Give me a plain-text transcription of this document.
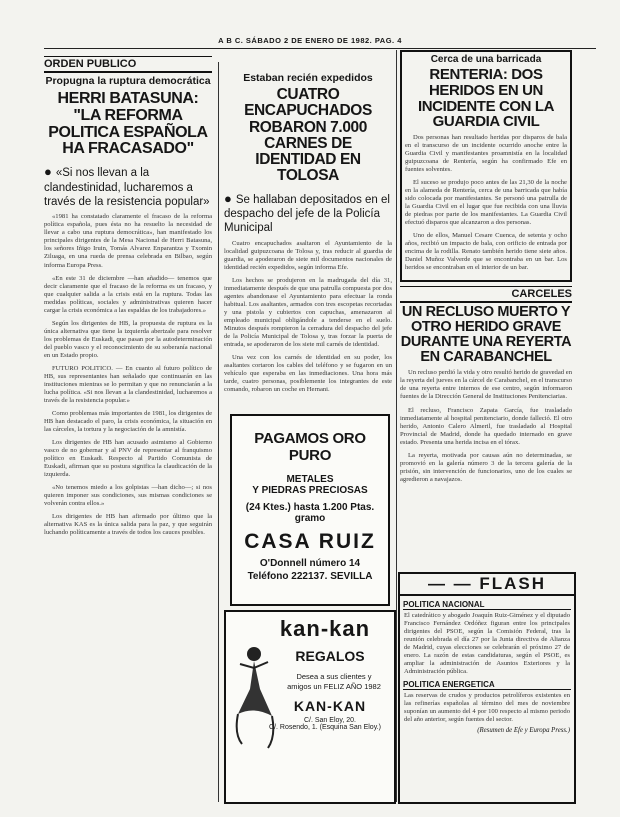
A B C. SÁBADO 2 DE ENERO DE 1982. PAG. 4
ORDEN PUBLICO
Propugna la ruptura democrática
HERRI BATASUNA: "LA REFORMA POLITICA ESPAÑOLA HA FRACASADO"
● «Si nos llevan a la clandestinidad, lucharemos a través de la resistencia popular»

«1981 ha constatado claramente el fracaso de la reforma política española, pues ésta no ha resuelto la necesidad de llevar a cabo una ruptura democrática», han manifestado los principales dirigentes de la Mesa Nacional de Herri Batasuna, los señores Iñigo Iruin, Tomás Alvarez Enparantza y Txomin Ziluaga, en una rueda de prensa celebrada en Bilbao, según informa Europa Press.

«En este 31 de diciembre —han añadido— tenemos que decir claramente que el fracaso de la reforma es un fracaso, y que cualquier salida a la crisis está en la ruptura. Todas las medidas políticas, sociales y administrativas quieren hacer cargar la crisis económica a las espaldas de los trabajadores.»

Según los dirigentes de HB, la propuesta de ruptura es la única alternativa que tiene la izquierda abertzale para resolver los problemas de Euskadi, que pasan por la autodeterminación del pueblo vasco y el reconocimiento de su soberanía nacional en un Estado propio.

FUTURO POLITICO. — En cuanto al futuro político de HB, sus representantes han señalado que continuarán en las instituciones mientras se lo permitan y que no renunciarán a la lucha política. «Si nos llevan a la clandestinidad, lucharemos a través de la resistencia popular.»

Como problemas más importantes de 1981, los dirigentes de HB han destacado el paro, la crisis económica, la situación en las cárceles, la tortura y la negociación de la amnistía.

Los dirigentes de HB han acusado asimismo al Gobierno vasco de no gobernar y al PNV de representar al franquismo político en Euskadi. Respecto al Partido Comunista de Euskadi, afirman que su postura significa la claudicación de la izquierda.

«No tenemos miedo a los golpistas —han dicho—; si nos quieren imponer sus condiciones, sus mismas condiciones se volverán contra ellos.»

Los dirigentes de HB han afirmado por último que la alternativa KAS es la única salida para la paz, y que seguirán luchando políticamente a través de todos los cauces posibles.

Estaban recién expedidos
CUATRO ENCAPUCHADOS ROBARON 7.000 CARNES DE IDENTIDAD EN TOLOSA
● Se hallaban depositados en el despacho del jefe de la Policía Municipal

Cuatro encapuchados asaltaron el Ayuntamiento de la localidad guipuzcoana de Tolosa y, tras reducir al guardia de guardia, se apoderaron de siete mil documentos nacionales de identidad recién expedidos, según informa Efe.

Los hechos se produjeron en la madrugada del día 31, inmediatamente después de que una patrulla compuesta por dos agentes abandonase el Ayuntamiento para efectuar la ronda habitual. Los asaltantes, armados con tres escopetas recortadas y una pistola y cubiertos con capuchas, amenazaron al empleado municipal obligándole a tenderse en el suelo. Minutos después rompieron la cerradura del despacho del jefe de la Policía Municipal de Tolosa y, tras forzar la puerta de entrada, se apoderaron de los siete mil carnés de identidad.

Una vez con los carnés de identidad en su poder, los asaltantes cortaron los cables del teléfono y se fugaron en un vehículo que esperaba en las inmediaciones. Una hora más tarde, cuatro personas, posiblemente los integrantes de este comando, robaron un coche en Hernani.

PAGAMOS ORO PURO
METALES
Y PIEDRAS PRECIOSAS
(24 Ktes.) hasta 1.200 Ptas.
gramo
CASA RUIZ
O'Donnell número 14
Teléfono 222137. SEVILLA
kan-kan
REGALOS
Desea a sus clientes y amigos un FELIZ AÑO 1982
KAN-KAN
C/. San Eloy, 20.
C/. Rosendo, 1. (Esquina San Eloy.)
Cerca de una barricada
RENTERIA: DOS HERIDOS EN UN INCIDENTE CON LA GUARDIA CIVIL

Dos personas han resultado heridas por disparos de bala en el transcurso de un incidente ocurrido anoche entre la Guardia Civil y manifestantes proamnistía en la localidad guipuzcoana de Rentería, según ha confirmado Efe en fuentes solventes.

El suceso se produjo poco antes de las 21,30 de la noche en la alameda de Rentería, cerca de una barricada que había sido colocada por manifestantes. Se personó una patrulla de la Guardia Civil en el lugar que fue recibida con una lluvia de piedras por parte de los manifestantes. La Guardia Civil efectuó disparos que alcanzaron a dos personas.

Uno de ellos, Manuel Cesare Cuenca, de setenta y ocho años, recibió un impacto de bala, con orificio de entrada por encima de la rodilla. Renato también herido tiene siete años. Daniel Muñoz Valverde que se encontraba en un bar. Los heridos se encontraban en el interior de un bar.

CARCELES
UN RECLUSO MUERTO Y OTRO HERIDO GRAVE DURANTE UNA REYERTA EN CARABANCHEL

Un recluso perdió la vida y otro resultó herido de gravedad en la reyerta del jueves en la cárcel de Carabanchel, en el transcurso de una reyerta entre internos de ese centro, según informaron fuentes de la Dirección General de Instituciones Penitenciarias.

El recluso, Francisco Zapata García, fue trasladado inmediatamente al hospital penitenciario, donde falleció. El otro herido, Antonio Calero Almeril, fue trasladado al Hospital Provincial de Madrid, donde ha quedado internado en grave estado. Presenta una herida incisa en el tórax.

La reyerta, motivada por causas aún no determinadas, se promovió en la galería número 3 de la tercera galería de la prisión, sin intervención de funcionarios, uno de los cuales se agredieron a navajazos.

— — FLASH
POLITICA NACIONAL
El catedrático y abogado Joaquín Ruiz-Giménez y el diputado Francisco Fernández Ordóñez figuran entre los principales dirigentes del PSOE, según la Comisión Federal, tras la reunión celebrada el día 27 por la Junta directiva de Alianza de Madrid, cuyas elecciones se celebrarán el próximo 27 de enero. La razón de estas candidaturas, según el PSOE, es ampliar la administración de Asuntos Exteriores y la Administración pública.
POLITICA ENERGETICA
Las reservas de crudos y productos petrolíferos existentes en las refinerías españolas al término del mes de noviembre suponían un aumento del 4 por 100 respecto al mismo periodo del año anterior, según fuentes del sector.
(Resumen de Efe y Europa Press.)
